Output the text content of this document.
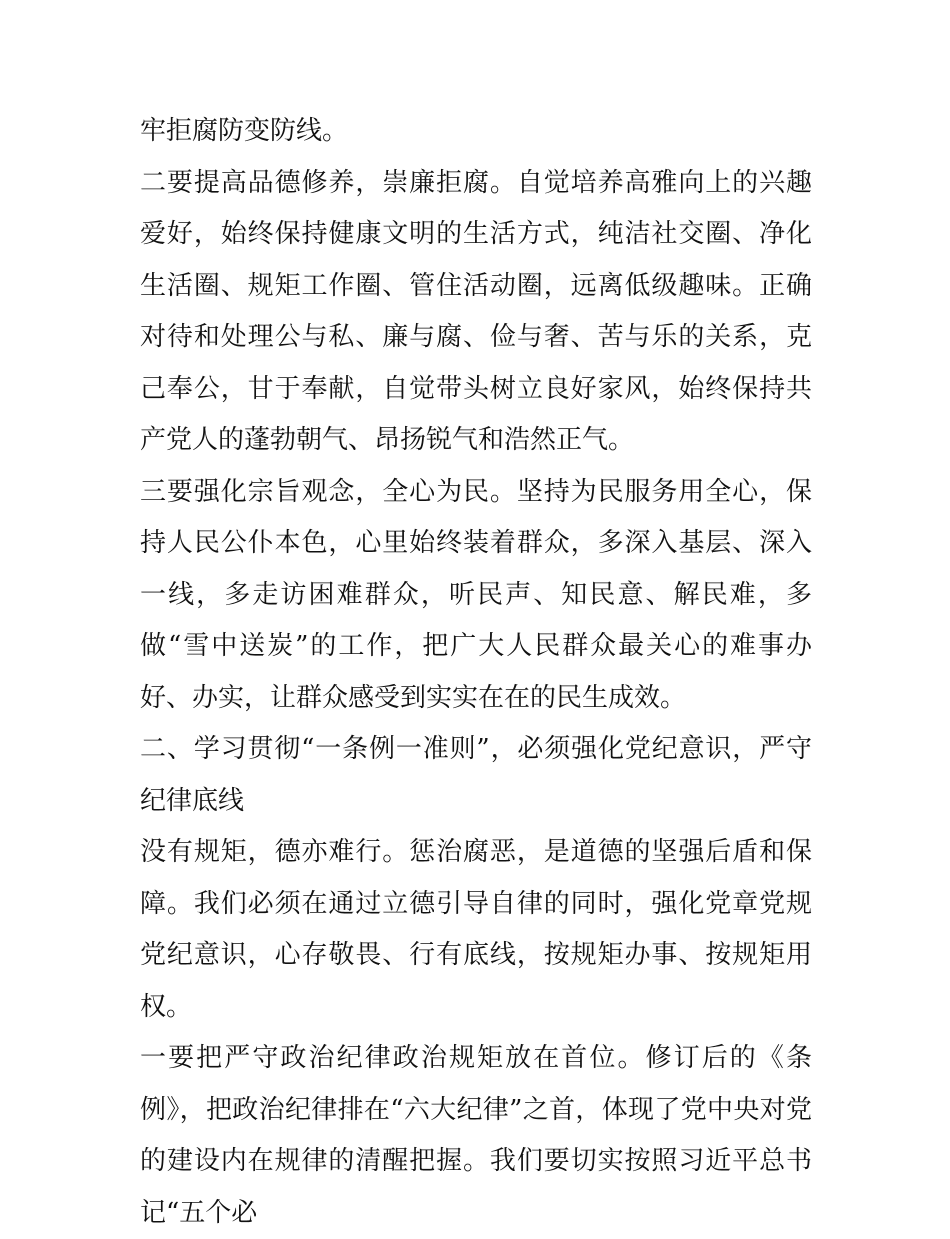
牢拒腐防变防线。

二要提高品德修养，崇廉拒腐。自觉培养高雅向上的兴趣爱好，始终保持健康文明的生活方式，纯洁社交圈、净化生活圈、规矩工作圈、管住活动圈，远离低级趣味。正确对待和处理公与私、廉与腐、俭与奢、苦与乐的关系，克己奉公，甘于奉献，自觉带头树立良好家风，始终保持共产党人的蓬勃朝气、昂扬锐气和浩然正气。

三要强化宗旨观念，全心为民。坚持为民服务用全心，保持人民公仆本色，心里始终装着群众，多深入基层、深入一线，多走访困难群众，听民声、知民意、解民难，多做“雪中送炭”的工作，把广大人民群众最关心的难事办好、办实，让群众感受到实实在在的民生成效。

二、学习贯彻“一条例一准则”，必须强化党纪意识，严守纪律底线

没有规矩，德亦难行。惩治腐恶，是道德的坚强后盾和保障。我们必须在通过立德引导自律的同时，强化党章党规党纪意识，心存敬畏、行有底线，按规矩办事、按规矩用权。

一要把严守政治纪律政治规矩放在首位。修订后的《条例》，把政治纪律排在“六大纪律”之首，体现了党中央对党的建设内在规律的清醒把握。我们要切实按照习近平总书记“五个必
